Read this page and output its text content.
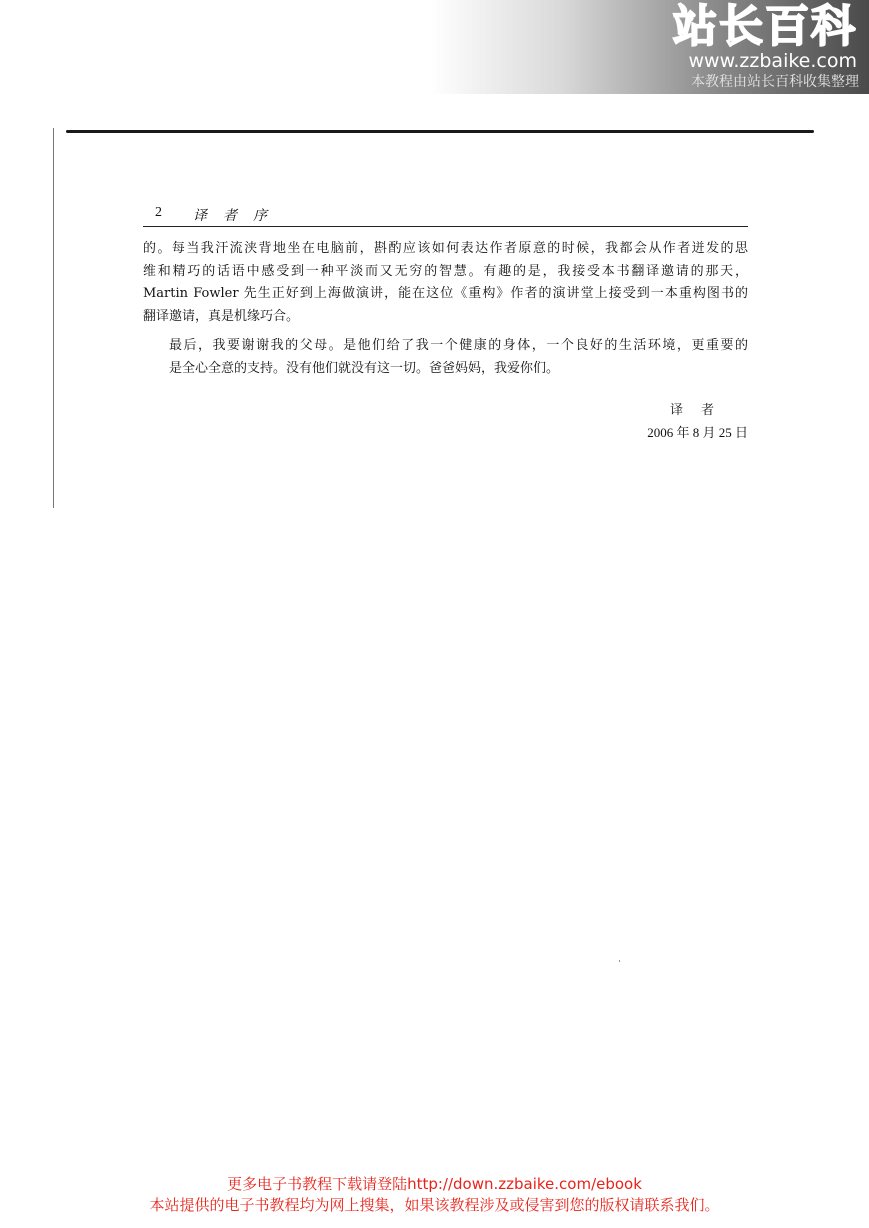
站长百科
www.zzbaike.com
本教程由站长百科收集整理
2 译者序

的。每当我汗流浃背地坐在电脑前，斟酌应该如何表达作者原意的时候，我都会从作者迸发的思
维和精巧的话语中感受到一种平淡而又无穷的智慧。有趣的是，我接受本书翻译邀请的那天，
Martin Fowler 先生正好到上海做演讲，能在这位《重构》作者的演讲堂上接受到一本重构图书的
翻译邀请，真是机缘巧合。

最后，我要谢谢我的父母。是他们给了我一个健康的身体，一个良好的生活环境，更重要的
是全心全意的支持。没有他们就没有这一切。爸爸妈妈，我爱你们。

译者
2006 年 8 月 25 日
更多电子书教程下载请登陆http://down.zzbaike.com/ebook
本站提供的电子书教程均为网上搜集，如果该教程涉及或侵害到您的版权请联系我们。
